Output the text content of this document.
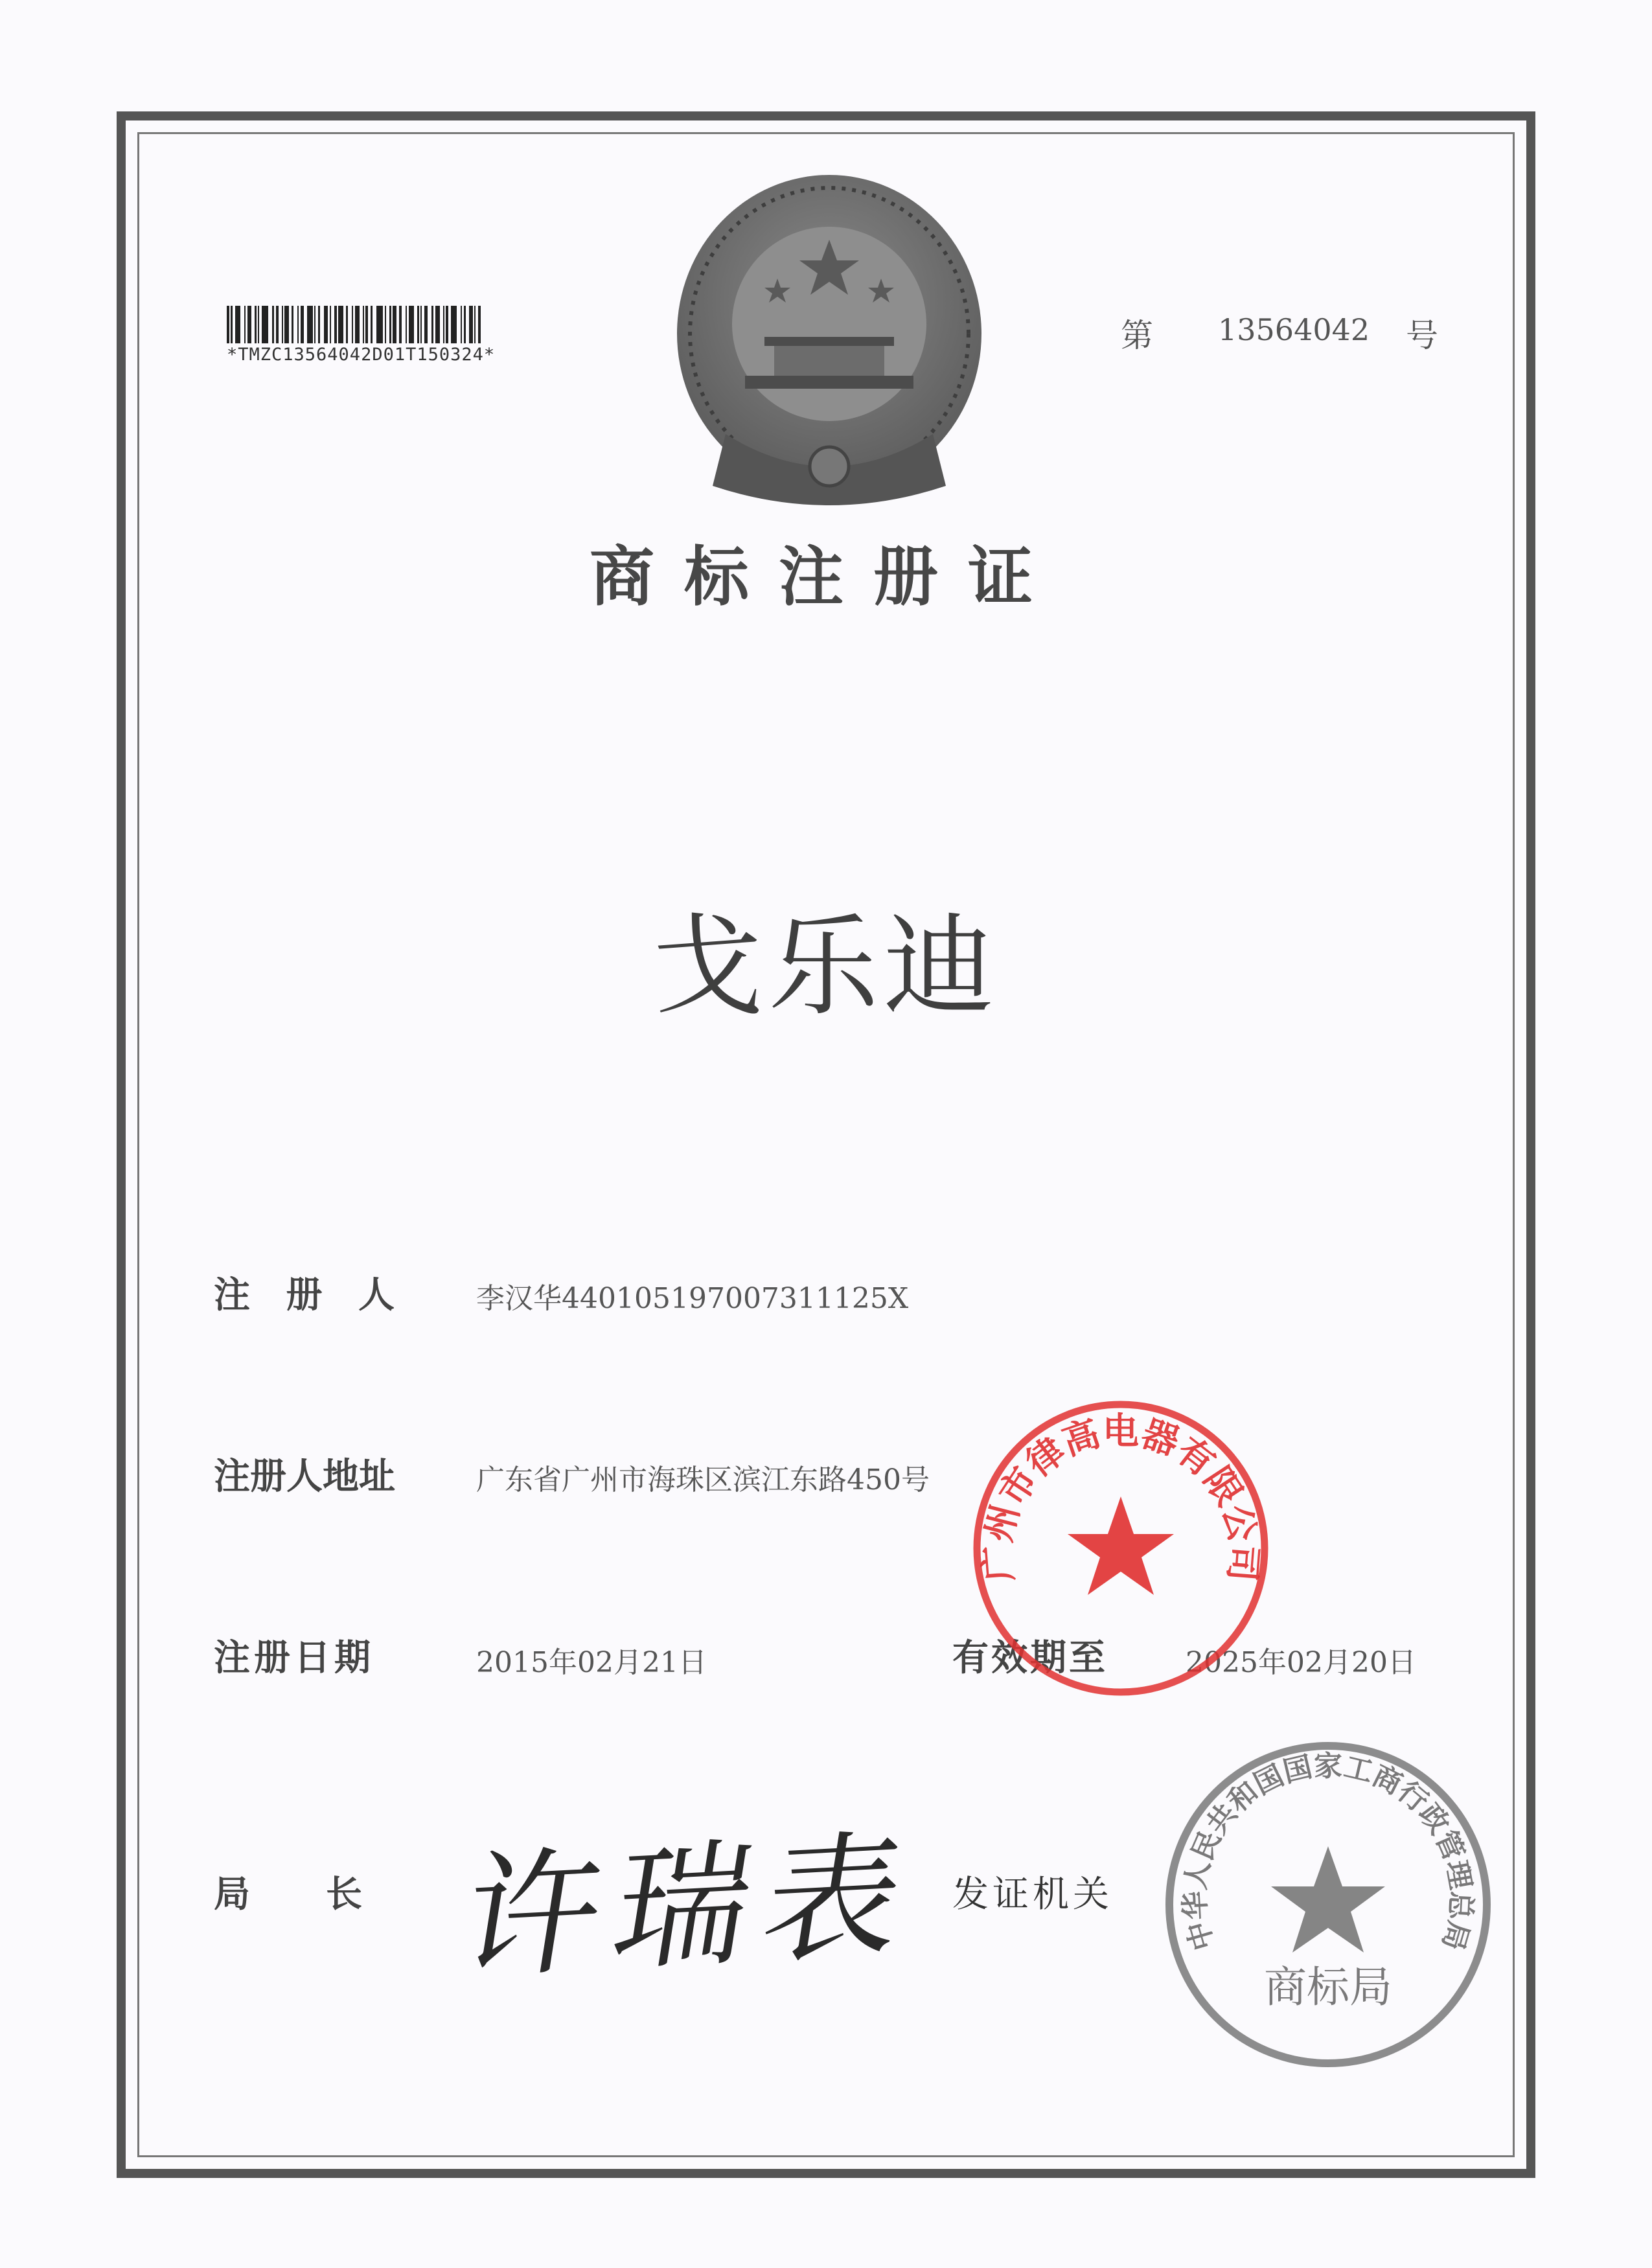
*TMZC13564042D01T150324*
第 13564042 号
商标注册证
戈乐迪
注 册 人 李汉华440105197007311125X
注册人地址	广东省广州市海珠区滨江东路450号
注册日期	2015年02月21日	有效期至	2025年02月20日
广州市律高电器有限公司
局      长 许瑞表 发证机关
中华人民共和国国家工商行政管理总局
商标局
